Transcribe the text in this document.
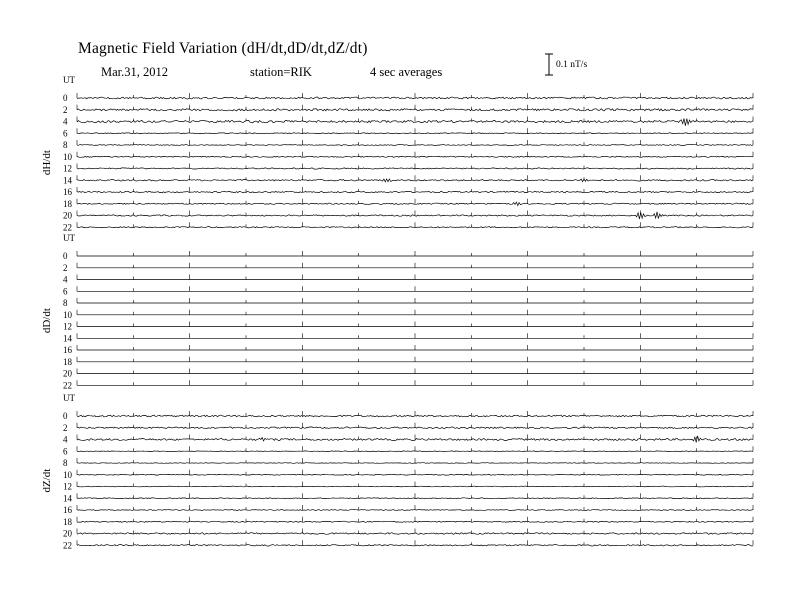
Magnetic Field Variation (dH/dt,dD/dt,dZ/dt)
Mar.31, 2012	station=RIK	4 sec averages	0.1 nT/s
UT
dH/dt
0
2
4
6
8
10
12
14
16
18
20
22
UT
dD/dt
0
2
4
6
8
10
12
14
16
18
20
22
UT
dZ/dt
0
2
4
6
8
10
12
14
16
18
20
22
